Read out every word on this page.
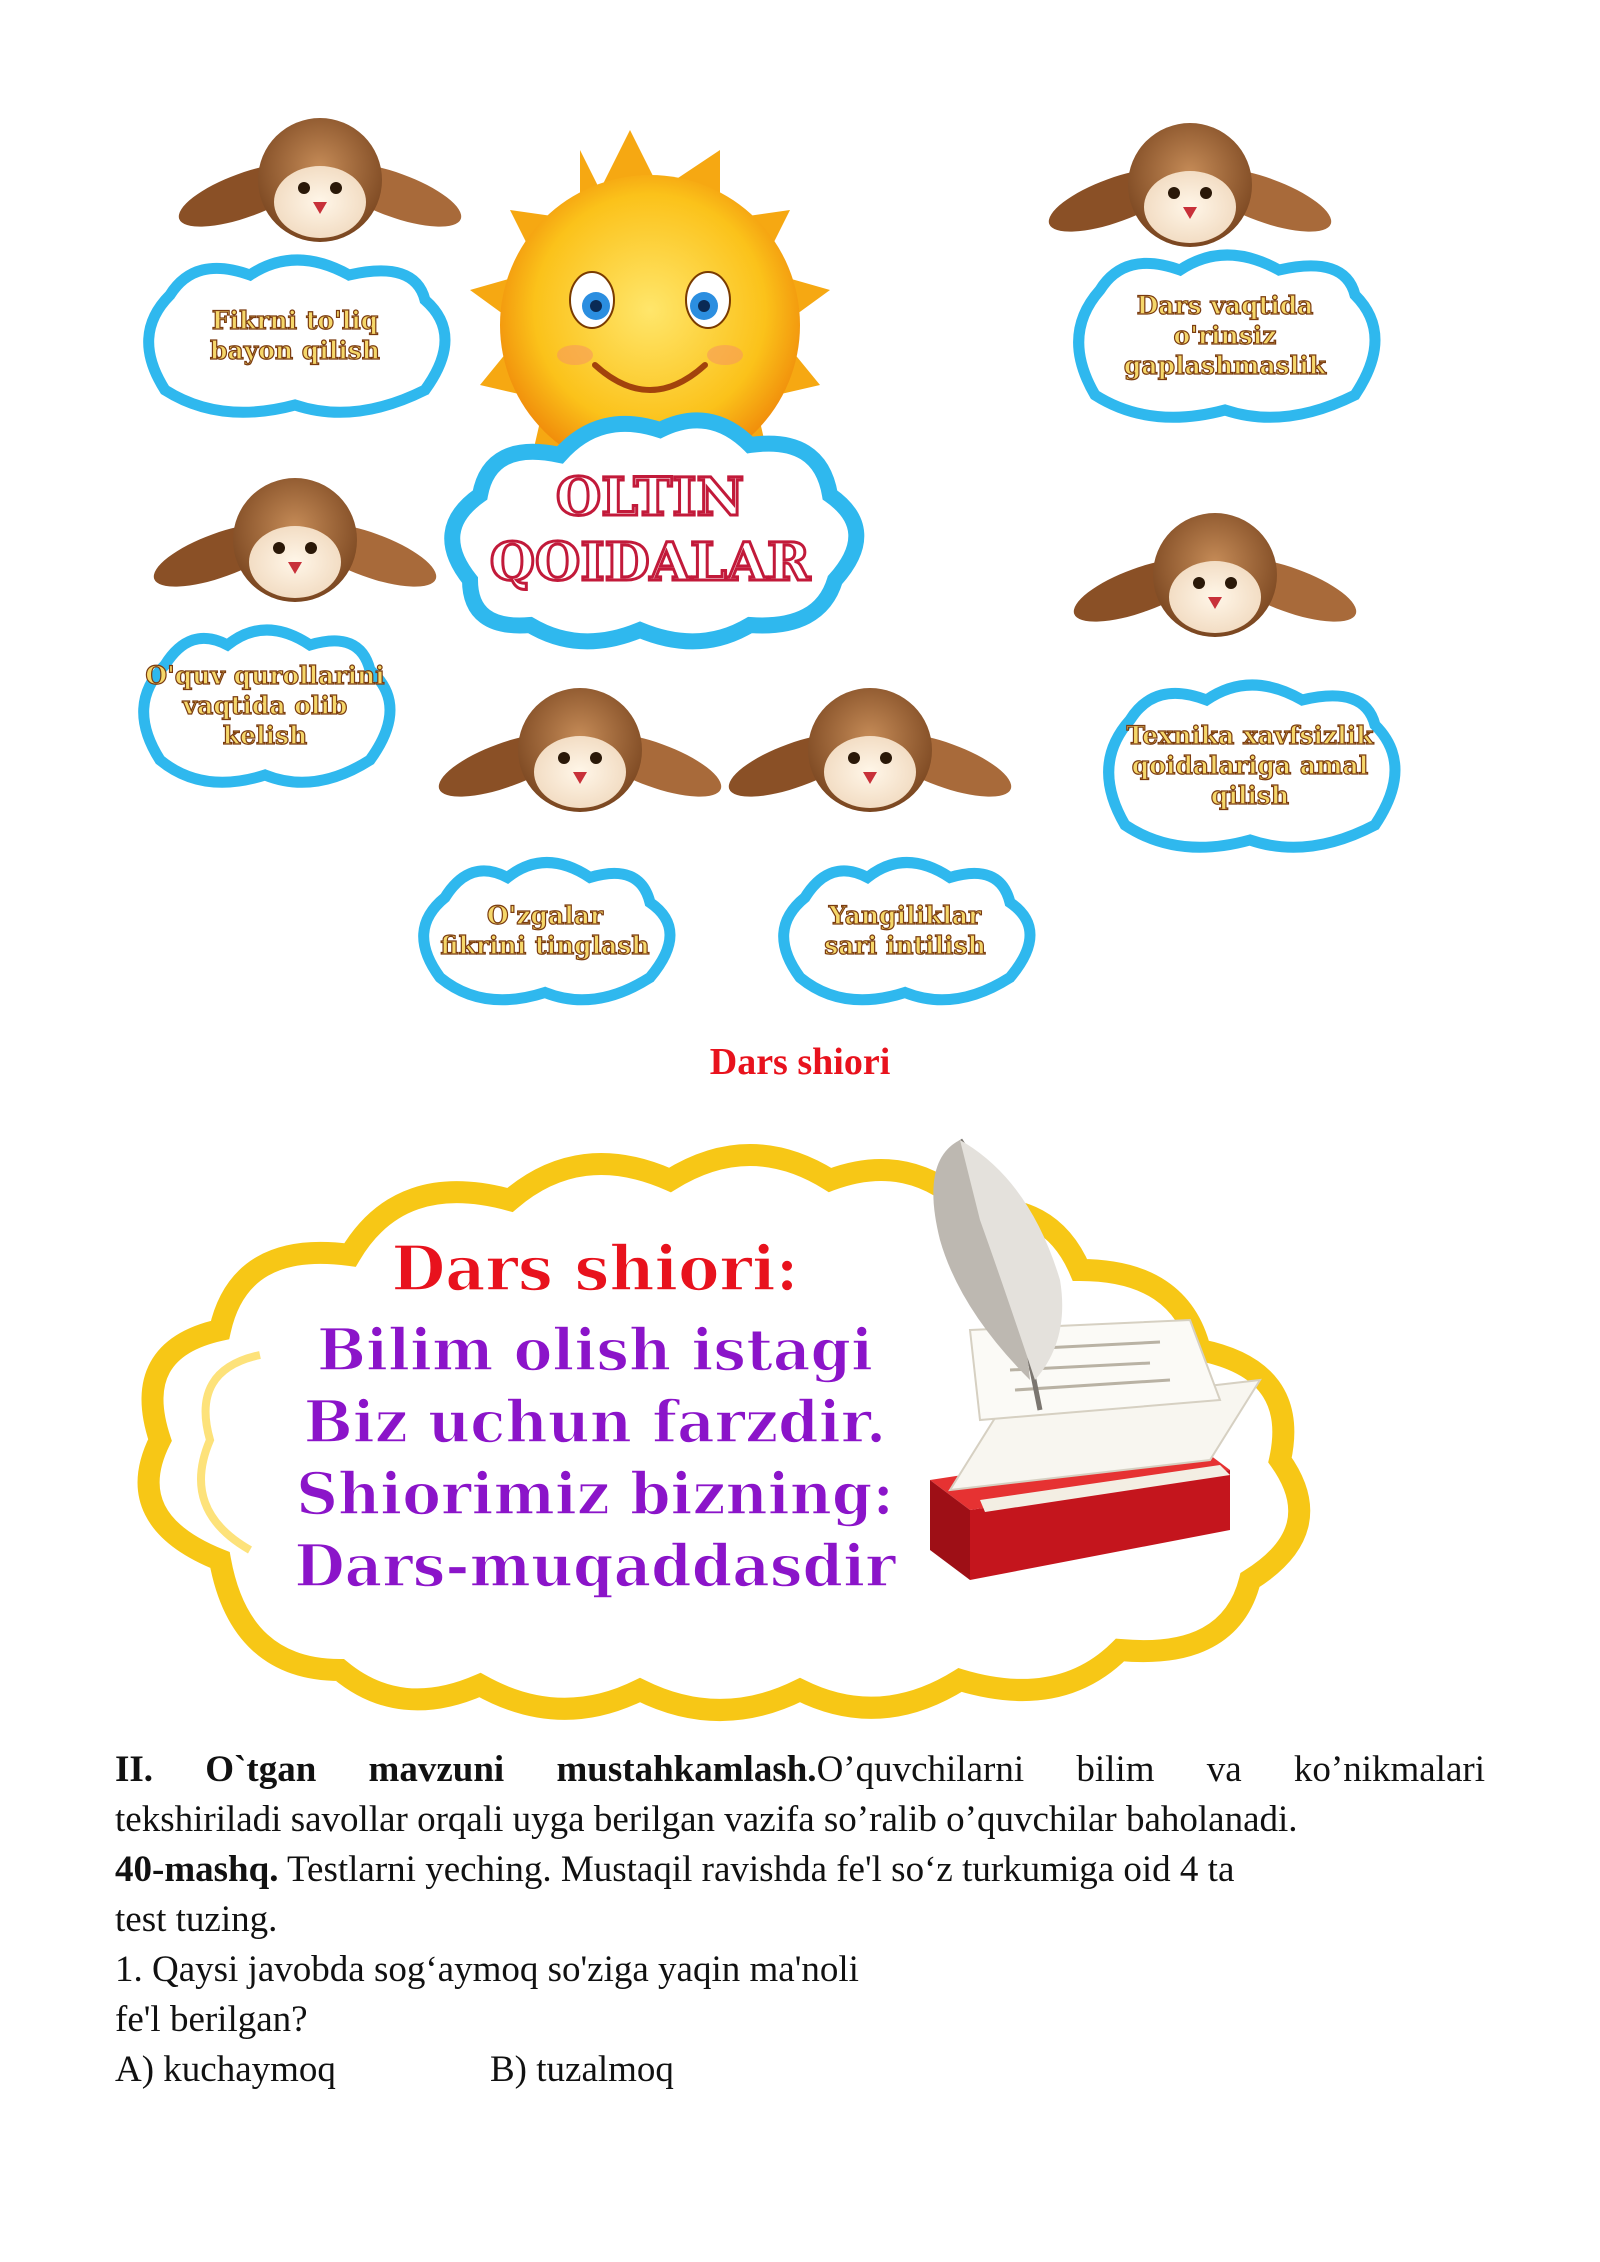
OLTIN
QOIDALAR
Fikrni to'liq
bayon qilish
Dars vaqtida
o'rinsiz
gaplashmaslik
O'quv qurollarini
vaqtida olib
kelish	Texnika xavfsizlik
qoidalariga amal
qilish
O'zgalar
fikrini tinglash
Yangiliklar
sari intilish
Dars shiori
Dars shiori:
Bilim olish istagi
Biz uchun farzdir.
Shiorimiz bizning:
Dars-muqaddasdir

II. O`tgan mavzuni mustahkamlash.O’quvchilarni bilim va ko’nikmalari

tekshiriladi savollar orqali uyga berilgan vazifa so’ralib o’quvchilar baholanadi.

40-mashq. Testlarni yeching. Mustaqil ravishda fe'l so‘z turkumiga oid 4 ta

test tuzing.

1. Qaysi javobda sog‘aymoq so'ziga yaqin ma'noli

fe'l berilgan?

A) kuchaymoq	B) tuzalmoq
